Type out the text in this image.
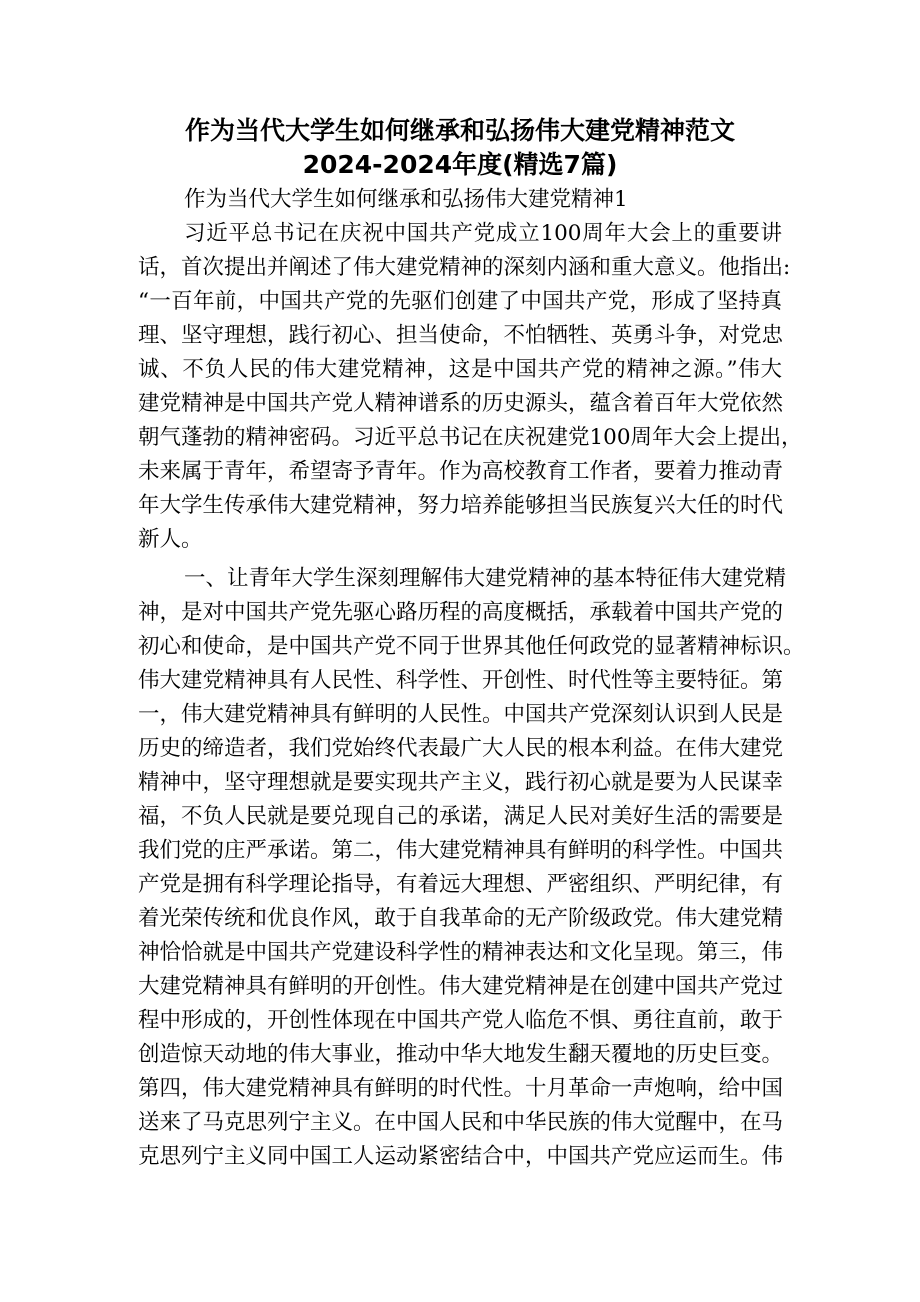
作为当代大学生如何继承和弘扬伟大建党精神范文
2024-2024年度(精选7篇)
作为当代大学生如何继承和弘扬伟大建党精神1
习近平总书记在庆祝中国共产党成立100周年大会上的重要讲
话，首次提出并阐述了伟大建党精神的深刻内涵和重大意义。他指出:
“一百年前，中国共产党的先驱们创建了中国共产党，形成了坚持真
理、坚守理想，践行初心、担当使命，不怕牺牲、英勇斗争，对党忠
诚、不负人民的伟大建党精神，这是中国共产党的精神之源。”伟大
建党精神是中国共产党人精神谱系的历史源头，蕴含着百年大党依然
朝气蓬勃的精神密码。习近平总书记在庆祝建党100周年大会上提出，
未来属于青年，希望寄予青年。作为高校教育工作者，要着力推动青
年大学生传承伟大建党精神，努力培养能够担当民族复兴大任的时代
新人。
一、让青年大学生深刻理解伟大建党精神的基本特征伟大建党精
神，是对中国共产党先驱心路历程的高度概括，承载着中国共产党的
初心和使命，是中国共产党不同于世界其他任何政党的显著精神标识。
伟大建党精神具有人民性、科学性、开创性、时代性等主要特征。第
一，伟大建党精神具有鲜明的人民性。中国共产党深刻认识到人民是
历史的缔造者，我们党始终代表最广大人民的根本利益。在伟大建党
精神中，坚守理想就是要实现共产主义，践行初心就是要为人民谋幸
福，不负人民就是要兑现自己的承诺，满足人民对美好生活的需要是
我们党的庄严承诺。第二，伟大建党精神具有鲜明的科学性。中国共
产党是拥有科学理论指导，有着远大理想、严密组织、严明纪律，有
着光荣传统和优良作风，敢于自我革命的无产阶级政党。伟大建党精
神恰恰就是中国共产党建设科学性的精神表达和文化呈现。第三，伟
大建党精神具有鲜明的开创性。伟大建党精神是在创建中国共产党过
程中形成的，开创性体现在中国共产党人临危不惧、勇往直前，敢于
创造惊天动地的伟大事业，推动中华大地发生翻天覆地的历史巨变。
第四，伟大建党精神具有鲜明的时代性。十月革命一声炮响，给中国
送来了马克思列宁主义。在中国人民和中华民族的伟大觉醒中，在马
克思列宁主义同中国工人运动紧密结合中，中国共产党应运而生。伟
